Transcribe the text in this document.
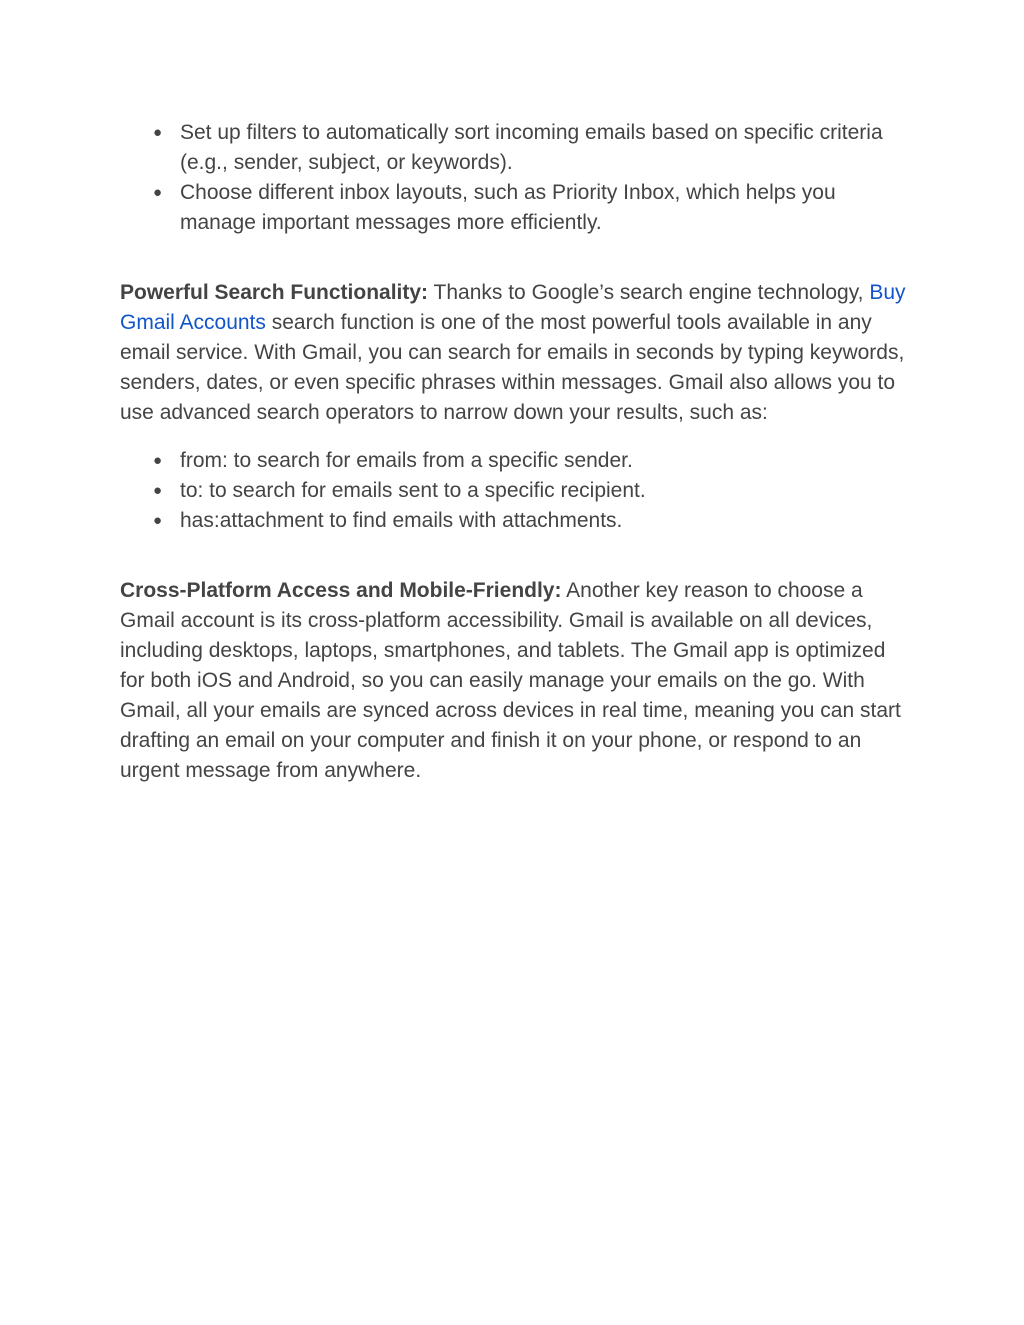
● Set up filters to automatically sort incoming emails based on specific criteria (e.g., sender, subject, or keywords).
● Choose different inbox layouts, such as Priority Inbox, which helps you manage important messages more efficiently.

Powerful Search Functionality: Thanks to Google’s search engine technology, Buy Gmail Accounts search function is one of the most powerful tools available in any email service. With Gmail, you can search for emails in seconds by typing keywords, senders, dates, or even specific phrases within messages. Gmail also allows you to use advanced search operators to narrow down your results, such as:

● from: to search for emails from a specific sender.
● to: to search for emails sent to a specific recipient.
● has:attachment to find emails with attachments.

Cross-Platform Access and Mobile-Friendly: Another key reason to choose a Gmail account is its cross-platform accessibility. Gmail is available on all devices, including desktops, laptops, smartphones, and tablets. The Gmail app is optimized for both iOS and Android, so you can easily manage your emails on the go. With Gmail, all your emails are synced across devices in real time, meaning you can start drafting an email on your computer and finish it on your phone, or respond to an urgent message from anywhere.
